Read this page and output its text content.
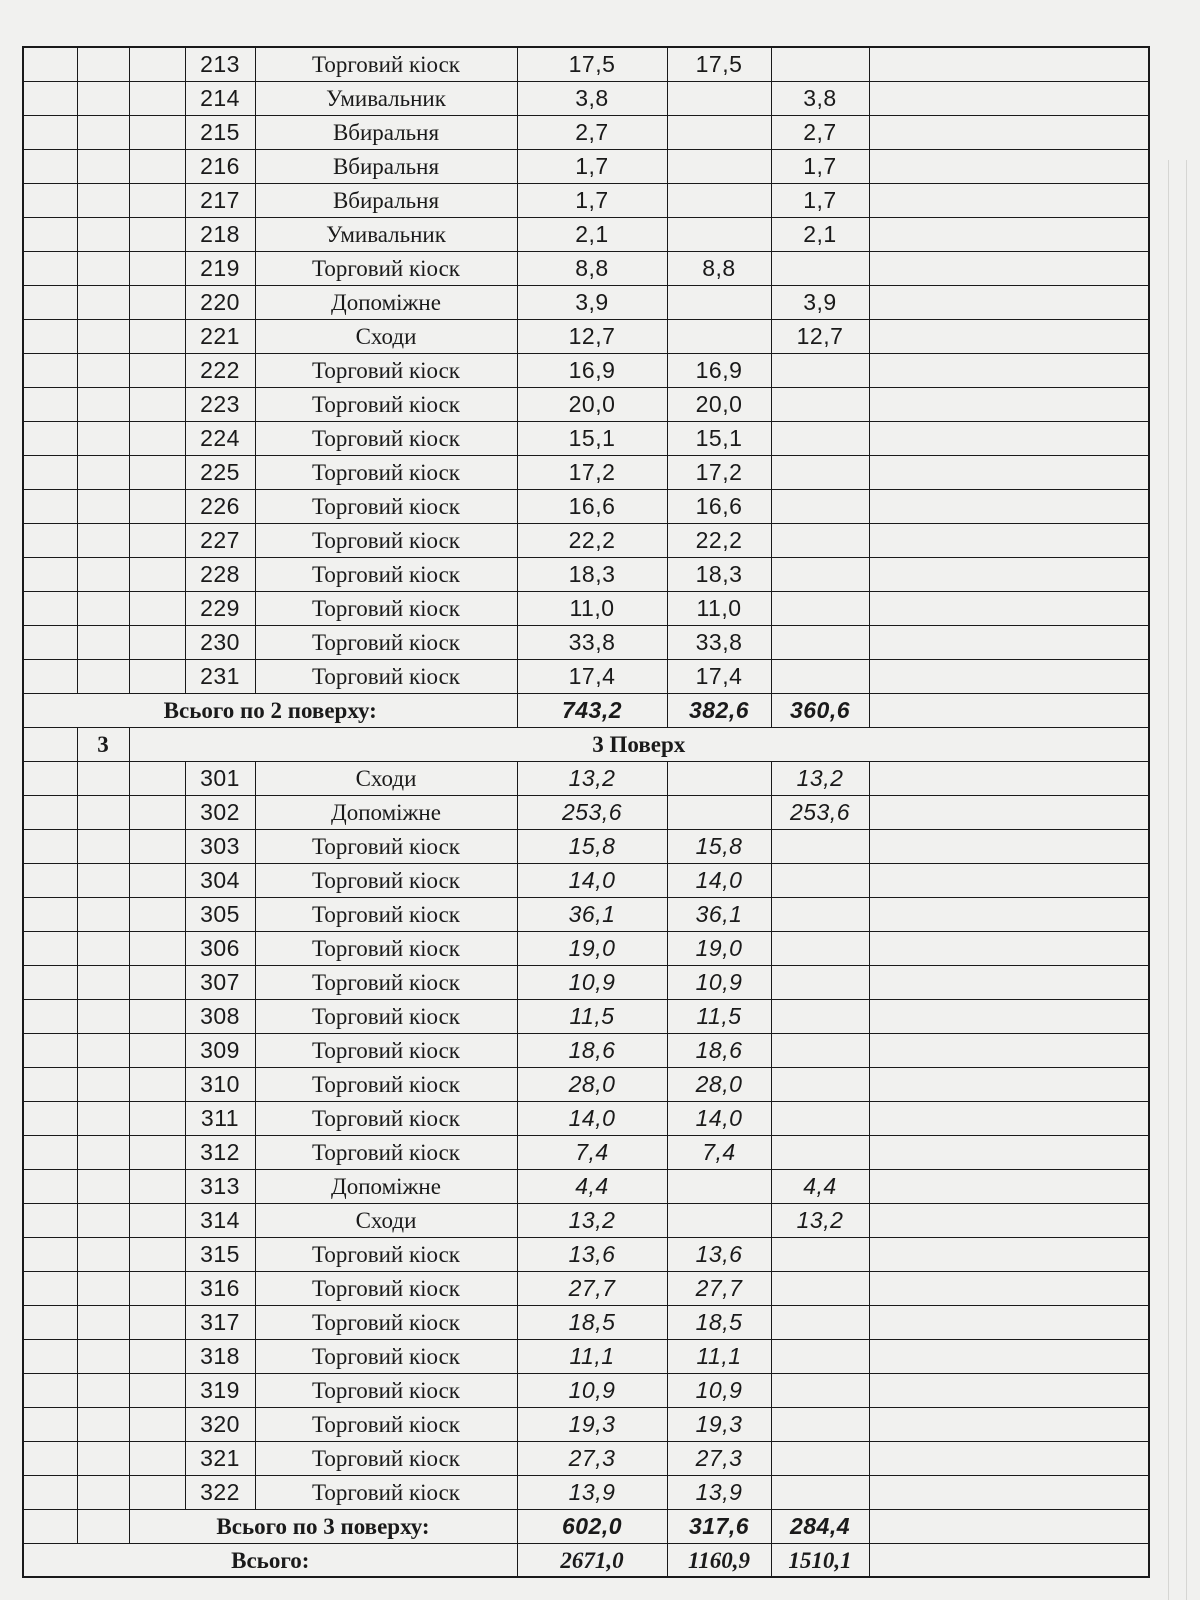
			213	Торговий кіоск	17,5	17,5		
			214	Умивальник	3,8		3,8	
			215	Вбиральня	2,7		2,7	
			216	Вбиральня	1,7		1,7	
			217	Вбиральня	1,7		1,7	
			218	Умивальник	2,1		2,1	
			219	Торговий кіоск	8,8	8,8		
			220	Допоміжне	3,9		3,9	
			221	Сходи	12,7		12,7	
			222	Торговий кіоск	16,9	16,9		
			223	Торговий кіоск	20,0	20,0		
			224	Торговий кіоск	15,1	15,1		
			225	Торговий кіоск	17,2	17,2		
			226	Торговий кіоск	16,6	16,6		
			227	Торговий кіоск	22,2	22,2		
			228	Торговий кіоск	18,3	18,3		
			229	Торговий кіоск	11,0	11,0		
			230	Торговий кіоск	33,8	33,8		
			231	Торговий кіоск	17,4	17,4		
Всього по 2 поверху:					743,2	382,6	360,6	
	3	3 Поверх						
			301	Сходи	13,2		13,2	
			302	Допоміжне	253,6		253,6	
			303	Торговий кіоск	15,8	15,8		
			304	Торговий кіоск	14,0	14,0		
			305	Торговий кіоск	36,1	36,1		
			306	Торговий кіоск	19,0	19,0		
			307	Торговий кіоск	10,9	10,9		
			308	Торговий кіоск	11,5	11,5		
			309	Торговий кіоск	18,6	18,6		
			310	Торговий кіоск	28,0	28,0		
			311	Торговий кіоск	14,0	14,0		
			312	Торговий кіоск	7,4	7,4		
			313	Допоміжне	4,4		4,4	
			314	Сходи	13,2		13,2	
			315	Торговий кіоск	13,6	13,6		
			316	Торговий кіоск	27,7	27,7		
			317	Торговий кіоск	18,5	18,5		
			318	Торговий кіоск	11,1	11,1		
			319	Торговий кіоск	10,9	10,9		
			320	Торговий кіоск	19,3	19,3		
			321	Торговий кіоск	27,3	27,3		
			322	Торговий кіоск	13,9	13,9		
		Всього по 3 поверху:			602,0	317,6	284,4	
Всього:					2671,0	1160,9	1510,1	
